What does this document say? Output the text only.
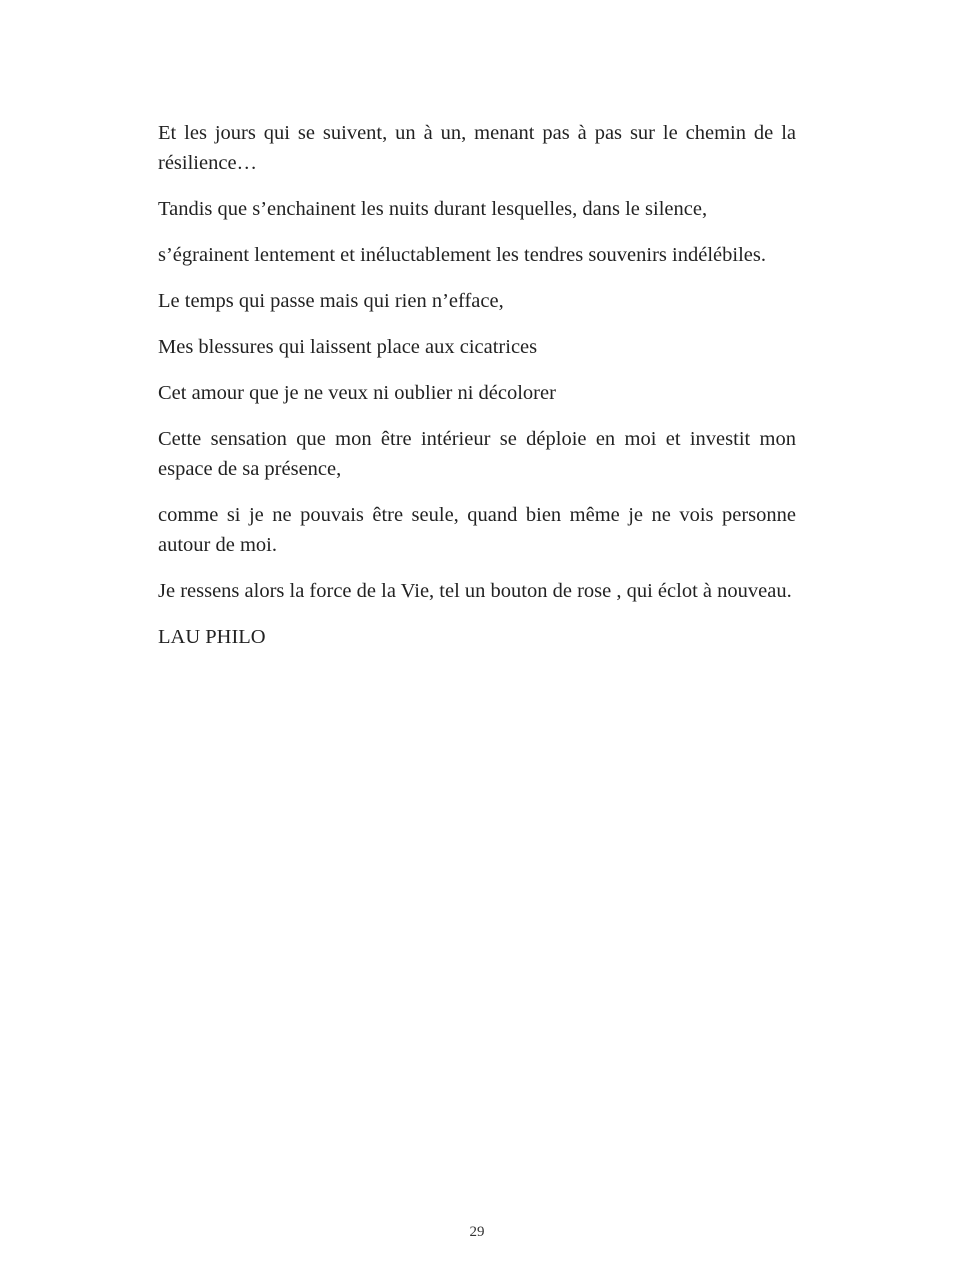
Et les jours qui se suivent, un à un, menant pas à pas sur le chemin de la résilience…

Tandis que s’enchainent les nuits durant lesquelles, dans le silence,

s’égrainent lentement et inéluctablement les tendres souvenirs indélébiles.

Le temps qui passe mais qui rien n’efface,

Mes blessures qui laissent place aux cicatrices

Cet amour que je ne veux ni oublier ni décolorer

Cette sensation que mon être intérieur se déploie en moi et investit mon espace de sa présence,

comme si je ne pouvais être seule, quand bien même je ne vois personne autour de moi.

Je ressens alors la force de la Vie, tel un bouton de rose , qui éclot à nouveau.

LAU PHILO

29
